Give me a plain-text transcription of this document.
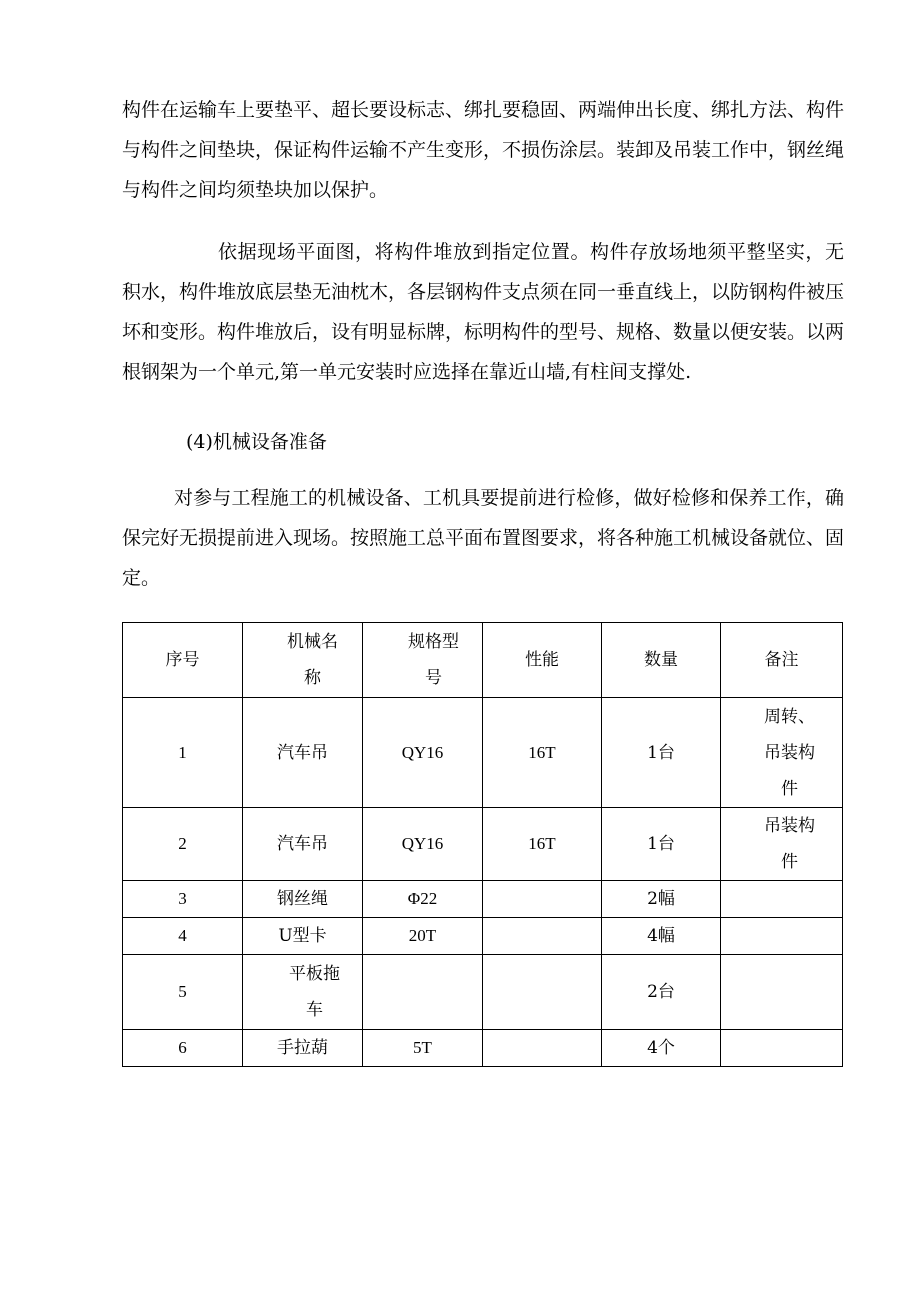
构件在运输车上要垫平、超长要设标志、绑扎要稳固、两端伸出长度、绑扎方法、构件与构件之间垫块，保证构件运输不产生变形，不损伤涂层。装卸及吊装工作中，钢丝绳与构件之间均须垫块加以保护。

依据现场平面图，将构件堆放到指定位置。构件存放场地须平整坚实，无积水，构件堆放底层垫无油枕木，各层钢构件支点须在同一垂直线上，以防钢构件被压坏和变形。构件堆放后，设有明显标牌，标明构件的型号、规格、数量以便安装。以两根钢架为一个单元,第一单元安装时应选择在靠近山墙,有柱间支撑处.

(4)机械设备准备

对参与工程施工的机械设备、工机具要提前进行检修，做好检修和保养工作，确保完好无损提前进入现场。按照施工总平面布置图要求，将各种施工机械设备就位、固定。

序号	机械名称	规格型号	性能	数量	备注
1	汽车吊	QY16	16T	1台	周转、吊装构件

2	汽车吊	QY16	16T	1台	吊装构件

3	钢丝绳	Φ22		2幅	
4	U型卡	20T		4幅	
5	平板拖车			2台	
6	手拉葫	5T		4个	
